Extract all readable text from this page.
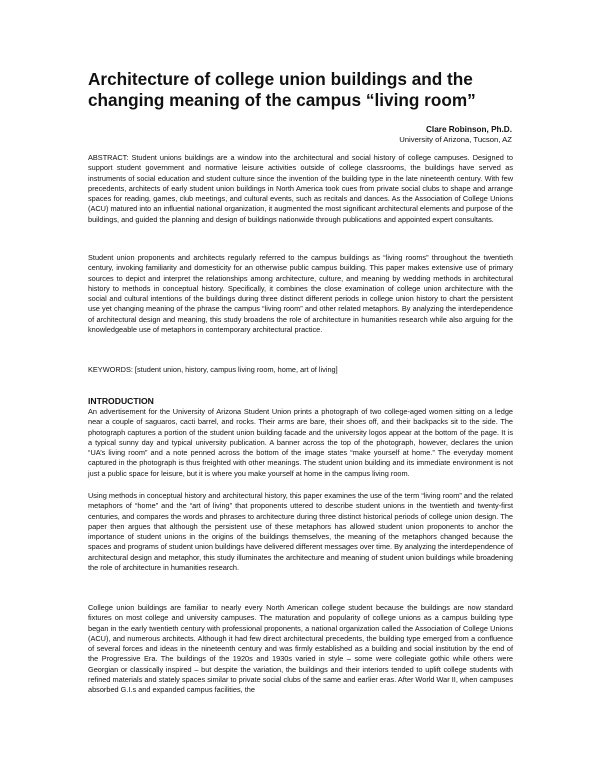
Architecture of college union buildings and the changing meaning of the campus “living room”
Clare Robinson, Ph.D.
University of Arizona, Tucson, AZ

ABSTRACT: Student unions buildings are a window into the architectural and social history of college campuses. Designed to support student government and normative leisure activities outside of college classrooms, the buildings have served as instruments of social education and student culture since the invention of the building type in the late nineteenth century. With few precedents, architects of early student union buildings in North America took cues from private social clubs to shape and arrange spaces for reading, games, club meetings, and cultural events, such as recitals and dances. As the Association of College Unions (ACU) matured into an influential national organization, it augmented the most significant architectural elements and purpose of the buildings, and guided the planning and design of buildings nationwide through publications and appointed expert consultants.

Student union proponents and architects regularly referred to the campus buildings as “living rooms” throughout the twentieth century, invoking familiarity and domesticity for an otherwise public campus building. This paper makes extensive use of primary sources to depict and interpret the relationships among architecture, culture, and meaning by wedding methods in architectural history to methods in conceptual history. Specifically, it combines the close examination of college union architecture with the social and cultural intentions of the buildings during three distinct different periods in college union history to chart the persistent use yet changing meaning of the phrase the campus “living room” and other related metaphors. By analyzing the interdependence of architectural design and meaning, this study broadens the role of architecture in humanities research while also arguing for the knowledgeable use of metaphors in contemporary architectural practice.

KEYWORDS: [student union, history, campus living room, home, art of living]

INTRODUCTION

An advertisement for the University of Arizona Student Union prints a photograph of two college-aged women sitting on a ledge near a couple of saguaros, cacti barrel, and rocks. Their arms are bare, their shoes off, and their backpacks sit to the side. The photograph captures a portion of the student union building facade and the university logos appear at the bottom of the page. It is a typical sunny day and typical university publication. A banner across the top of the photograph, however, declares the union “UA’s living room” and a note penned across the bottom of the image states “make yourself at home.” The everyday moment captured in the photograph is thus freighted with other meanings. The student union building and its immediate environment is not just a public space for leisure, but it is where you make yourself at home in the campus living room.

Using methods in conceptual history and architectural history, this paper examines the use of the term “living room” and the related metaphors of “home” and the “art of living” that proponents uttered to describe student unions in the twentieth and twenty-first centuries, and compares the words and phrases to architecture during three distinct historical periods of college union design. The paper then argues that although the persistent use of these metaphors has allowed student union proponents to anchor the importance of student unions in the origins of the buildings themselves, the meaning of the metaphors changed because the spaces and programs of student union buildings have delivered different messages over time. By analyzing the interdependence of architectural design and metaphor, this study illuminates the architecture and meaning of student union buildings while broadening the role of architecture in humanities research.

College union buildings are familiar to nearly every North American college student because the buildings are now standard fixtures on most college and university campuses. The maturation and popularity of college unions as a campus building type began in the early twentieth century with professional proponents, a national organization called the Association of College Unions (ACU), and numerous architects. Although it had few direct architectural precedents, the building type emerged from a confluence of several forces and ideas in the nineteenth century and was firmly established as a building and social institution by the end of the Progressive Era. The buildings of the 1920s and 1930s varied in style – some were collegiate gothic while others were Georgian or classically inspired – but despite the variation, the buildings and their interiors tended to uplift college students with refined materials and stately spaces similar to private social clubs of the same and earlier eras. After World War II, when campuses absorbed G.I.s and expanded campus facilities, the
